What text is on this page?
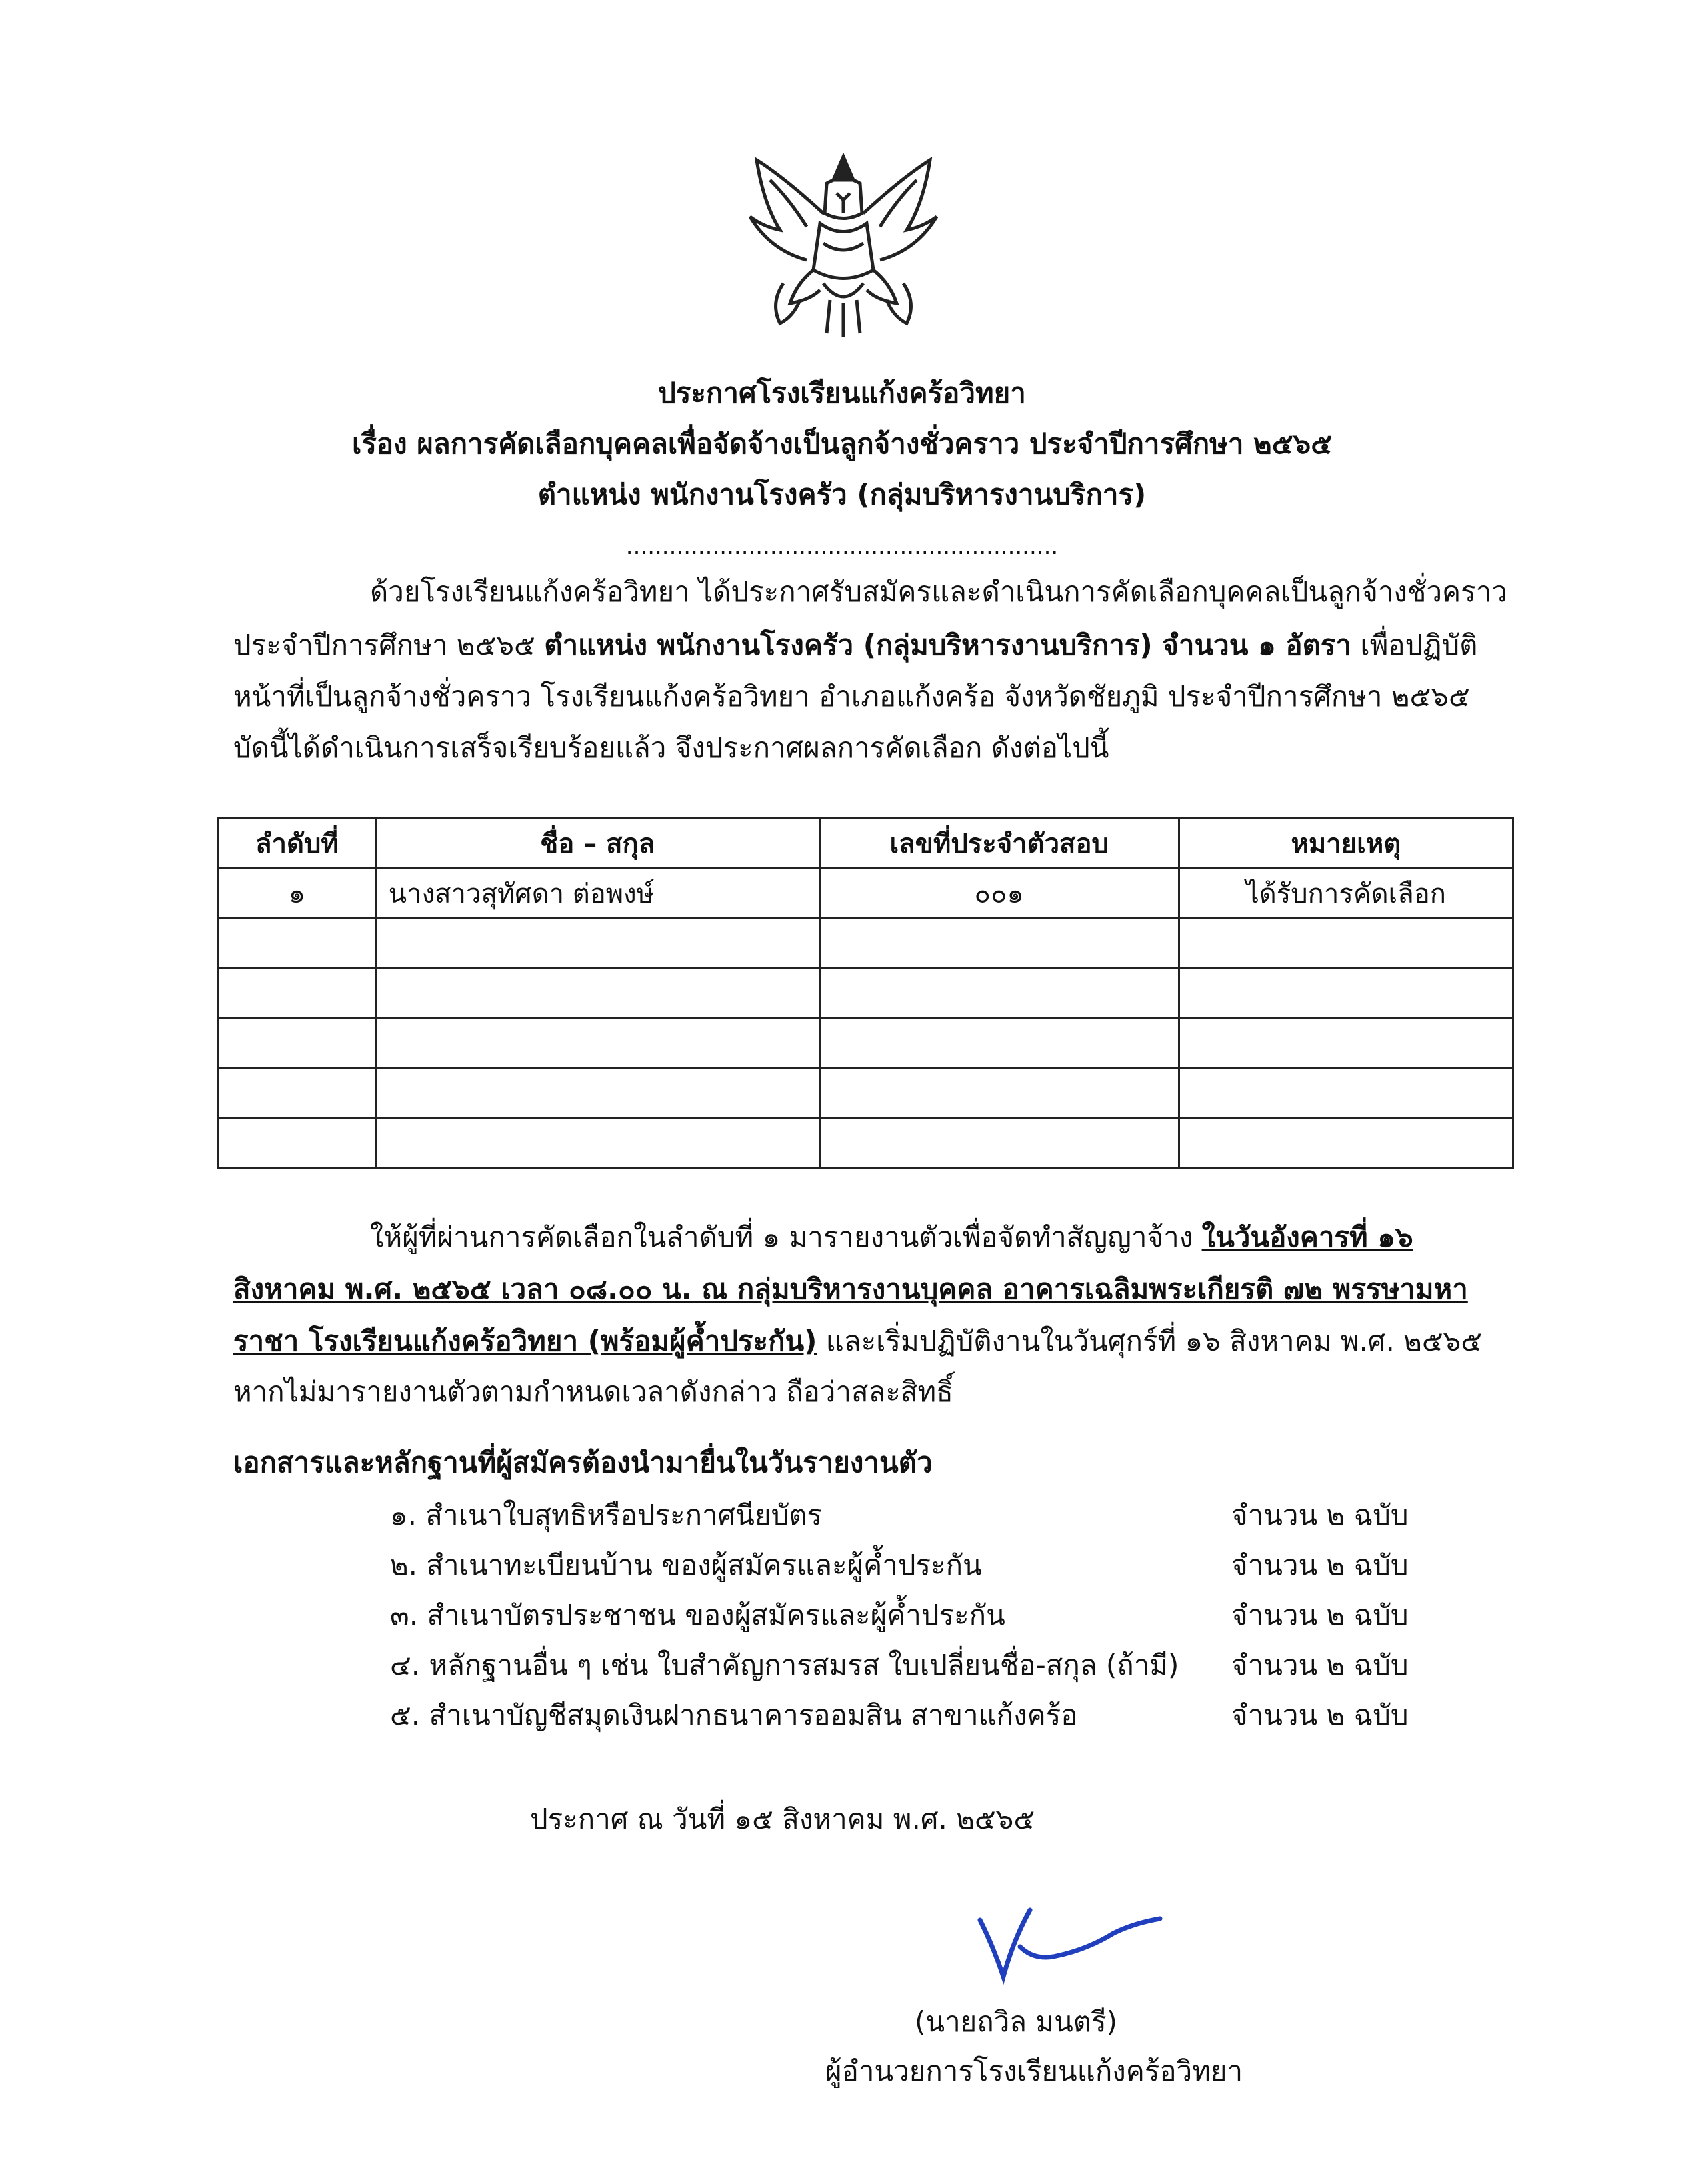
ประกาศโรงเรียนแก้งคร้อวิทยา
เรื่อง ผลการคัดเลือกบุคคลเพื่อจัดจ้างเป็นลูกจ้างชั่วคราว ประจำปีการศึกษา ๒๕๖๕
ตำแหน่ง พนักงานโรงครัว (กลุ่มบริหารงานบริการ)
............................................................
ด้วยโรงเรียนแก้งคร้อวิทยา ได้ประกาศรับสมัครและดำเนินการคัดเลือกบุคคลเป็นลูกจ้างชั่วคราว
ประจำปีการศึกษา ๒๕๖๕ ตำแหน่ง พนักงานโรงครัว (กลุ่มบริหารงานบริการ) จำนวน ๑ อัตรา เพื่อปฏิบัติ
หน้าที่เป็นลูกจ้างชั่วคราว โรงเรียนแก้งคร้อวิทยา อำเภอแก้งคร้อ จังหวัดชัยภูมิ ประจำปีการศึกษา ๒๕๖๕
บัดนี้ได้ดำเนินการเสร็จเรียบร้อยแล้ว จึงประกาศผลการคัดเลือก ดังต่อไปนี้
ลำดับที่	ชื่อ – สกุล	เลขที่ประจำตัวสอบ	หมายเหตุ
๑	นางสาวสุทัศดา ต่อพงษ์	๐๐๑	ได้รับการคัดเลือก

ให้ผู้ที่ผ่านการคัดเลือกในลำดับที่ ๑ มารายงานตัวเพื่อจัดทำสัญญาจ้าง ในวันอังคารที่ ๑๖
สิงหาคม พ.ศ. ๒๕๖๕ เวลา ๐๘.๐๐ น. ณ กลุ่มบริหารงานบุคคล อาคารเฉลิมพระเกียรติ ๗๒ พรรษามหา
ราชา โรงเรียนแก้งคร้อวิทยา (พร้อมผู้ค้ำประกัน) และเริ่มปฏิบัติงานในวันศุกร์ที่ ๑๖ สิงหาคม พ.ศ. ๒๕๖๕
หากไม่มารายงานตัวตามกำหนดเวลาดังกล่าว ถือว่าสละสิทธิ์
เอกสารและหลักฐานที่ผู้สมัครต้องนำมายื่นในวันรายงานตัว
๑. สำเนาใบสุทธิหรือประกาศนียบัตร	จำนวน ๒ ฉบับ
๒. สำเนาทะเบียนบ้าน ของผู้สมัครและผู้ค้ำประกัน	จำนวน ๒ ฉบับ
๓. สำเนาบัตรประชาชน ของผู้สมัครและผู้ค้ำประกัน	จำนวน ๒ ฉบับ
๔. หลักฐานอื่น ๆ เช่น ใบสำคัญการสมรส ใบเปลี่ยนชื่อ-สกุล (ถ้ามี) จำนวน ๒ ฉบับ
๕. สำเนาบัญชีสมุดเงินฝากธนาคารออมสิน สาขาแก้งคร้อ	จำนวน ๒ ฉบับ
ประกาศ ณ วันที่ ๑๕ สิงหาคม พ.ศ. ๒๕๖๕
(นายถวิล มนตรี)
ผู้อำนวยการโรงเรียนแก้งคร้อวิทยา
